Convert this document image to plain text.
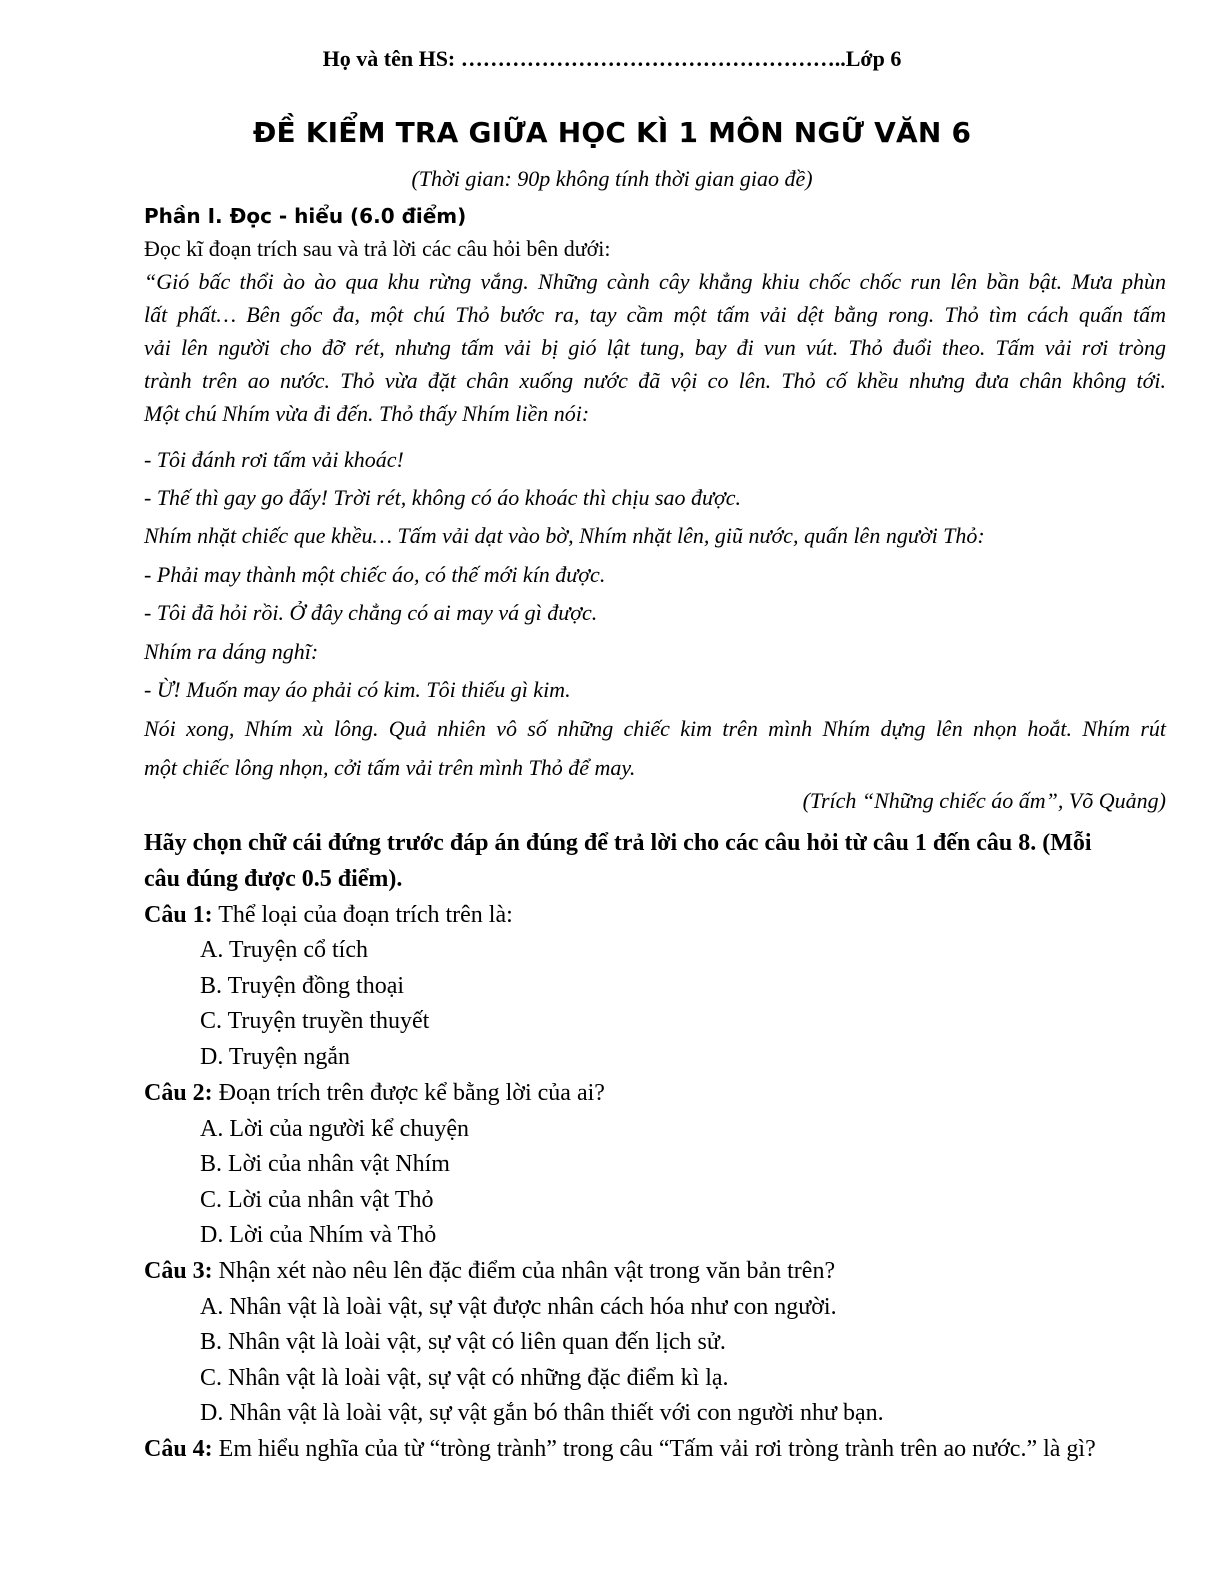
Họ và tên HS: ……………………………………………..Lớp 6
ĐỀ KIỂM TRA GIỮA HỌC KÌ 1 MÔN NGỮ VĂN 6
(Thời gian: 90p không tính thời gian giao đề)
Phần I. Đọc - hiểu (6.0 điểm)
Đọc kĩ đoạn trích sau và trả lời các câu hỏi bên dưới:
“Gió bấc thổi ào ào qua khu rừng vắng. Những cành cây khẳng khiu chốc chốc run lên bần bật. Mưa phùn
lất phất… Bên gốc đa, một chú Thỏ bước ra, tay cầm một tấm vải dệt bằng rong. Thỏ tìm cách quấn tấm
vải lên người cho đỡ rét, nhưng tấm vải bị gió lật tung, bay đi vun vút. Thỏ đuổi theo. Tấm vải rơi tròng
trành trên ao nước. Thỏ vừa đặt chân xuống nước đã vội co lên. Thỏ cố khều nhưng đưa chân không tới.
Một chú Nhím vừa đi đến. Thỏ thấy Nhím liền nói:
- Tôi đánh rơi tấm vải khoác!
- Thế thì gay go đấy! Trời rét, không có áo khoác thì chịu sao được.
Nhím nhặt chiếc que khều… Tấm vải dạt vào bờ, Nhím nhặt lên, giũ nước, quấn lên người Thỏ:
- Phải may thành một chiếc áo, có thế mới kín được.
- Tôi đã hỏi rồi. Ở đây chẳng có ai may vá gì được.
Nhím ra dáng nghĩ:
- Ừ! Muốn may áo phải có kim. Tôi thiếu gì kim.
Nói xong, Nhím xù lông. Quả nhiên vô số những chiếc kim trên mình Nhím dựng lên nhọn hoắt. Nhím rút
một chiếc lông nhọn, cởi tấm vải trên mình Thỏ để may.
(Trích “Những chiếc áo ấm”, Võ Quảng)
Hãy chọn chữ cái đứng trước đáp án đúng để trả lời cho các câu hỏi từ câu 1 đến câu 8. (Mỗi
câu đúng được 0.5 điểm).
Câu 1: Thể loại của đoạn trích trên là:
A. Truyện cổ tích
B. Truyện đồng thoại
C. Truyện truyền thuyết
D. Truyện ngắn
Câu 2: Đoạn trích trên được kể bằng lời của ai?
A. Lời của người kể chuyện
B. Lời của nhân vật Nhím
C. Lời của nhân vật Thỏ
D. Lời của Nhím và Thỏ
Câu 3: Nhận xét nào nêu lên đặc điểm của nhân vật trong văn bản trên?
A. Nhân vật là loài vật, sự vật được nhân cách hóa như con người.
B. Nhân vật là loài vật, sự vật có liên quan đến lịch sử.
C. Nhân vật là loài vật, sự vật có những đặc điểm kì lạ.
D. Nhân vật là loài vật, sự vật gắn bó thân thiết với con người như bạn.
Câu 4: Em hiểu nghĩa của từ “tròng trành” trong câu “Tấm vải rơi tròng trành trên ao nước.” là gì?
